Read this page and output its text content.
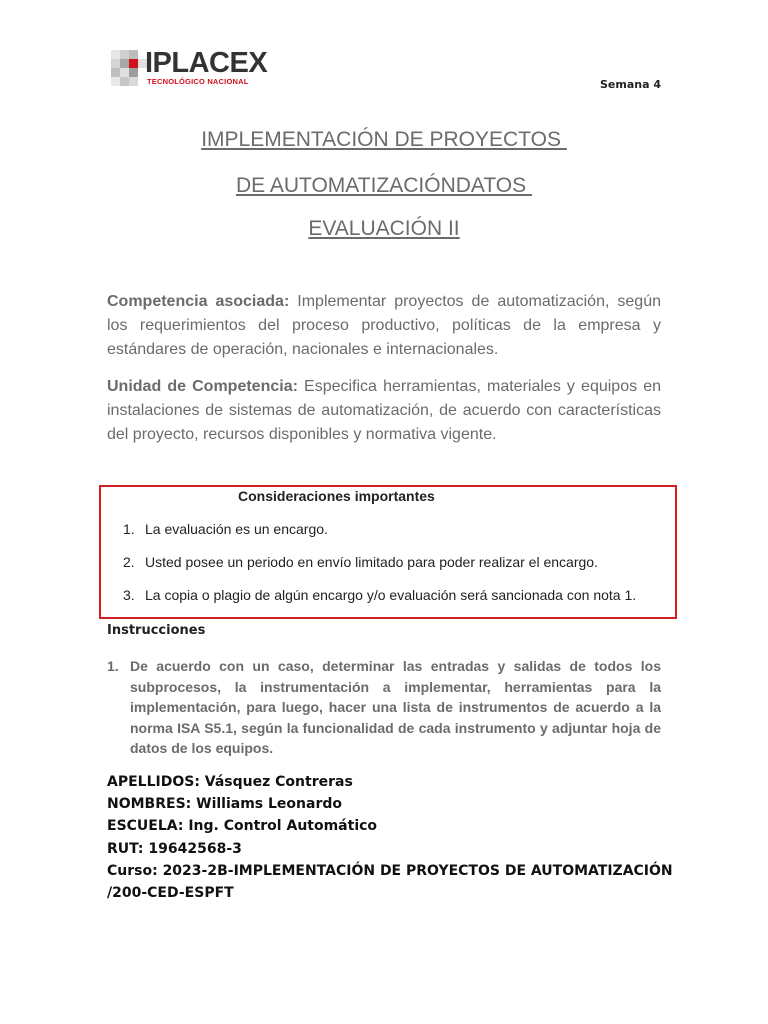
IPLACEX
TECNOLÓGICO NACIONAL	Semana 4
IMPLEMENTACIÓN DE PROYECTOS
DE AUTOMATIZACIÓNDATOS
EVALUACIÓN II
Competencia asociada: Implementar proyectos de automatización, según los requerimientos del proceso productivo, políticas de la empresa y estándares de operación, nacionales e internacionales.
Unidad de Competencia: Especifica herramientas, materiales y equipos en instalaciones de sistemas de automatización, de acuerdo con características del proyecto, recursos disponibles y normativa vigente.
Consideraciones importantes
1. La evaluación es un encargo.
2. Usted posee un periodo en envío limitado para poder realizar el encargo.
3. La copia o plagio de algún encargo y/o evaluación será sancionada con nota 1.
Instrucciones
1. De acuerdo con un caso, determinar las entradas y salidas de todos los subprocesos, la instrumentación a implementar, herramientas para la implementación, para luego, hacer una lista de instrumentos de acuerdo a la norma ISA S5.1, según la funcionalidad de cada instrumento y adjuntar hoja de datos de los equipos.
APELLIDOS: Vásquez Contreras
NOMBRES: Williams Leonardo
ESCUELA: Ing. Control Automático
RUT: 19642568-3
Curso: 2023-2B-IMPLEMENTACIÓN DE PROYECTOS DE AUTOMATIZACIÓN
/200-CED-ESPFT
